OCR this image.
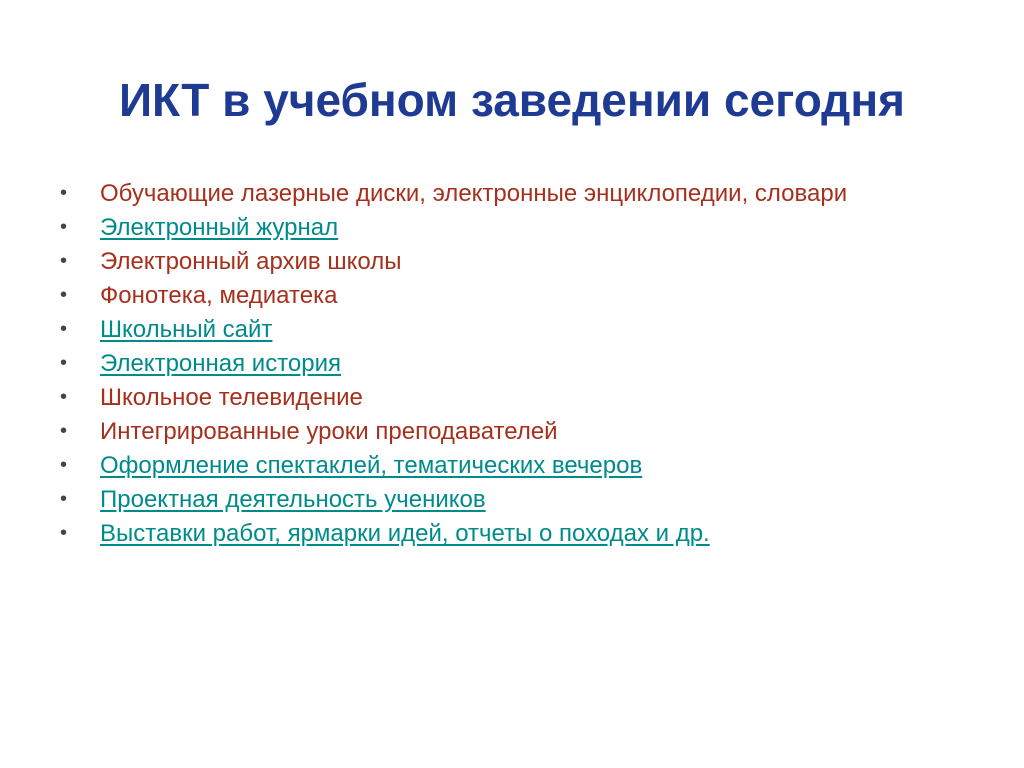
ИКТ в учебном заведении сегодня
•	Обучающие лазерные диски, электронные энциклопедии, словари
•	Электронный журнал
•	Электронный архив школы
•	Фонотека, медиатека
•	Школьный сайт
•	Электронная история
•	Школьное телевидение
•	Интегрированные уроки преподавателей
•	Оформление спектаклей, тематических вечеров
•	Проектная деятельность учеников
•	Выставки работ, ярмарки идей, отчеты о походах и др.
